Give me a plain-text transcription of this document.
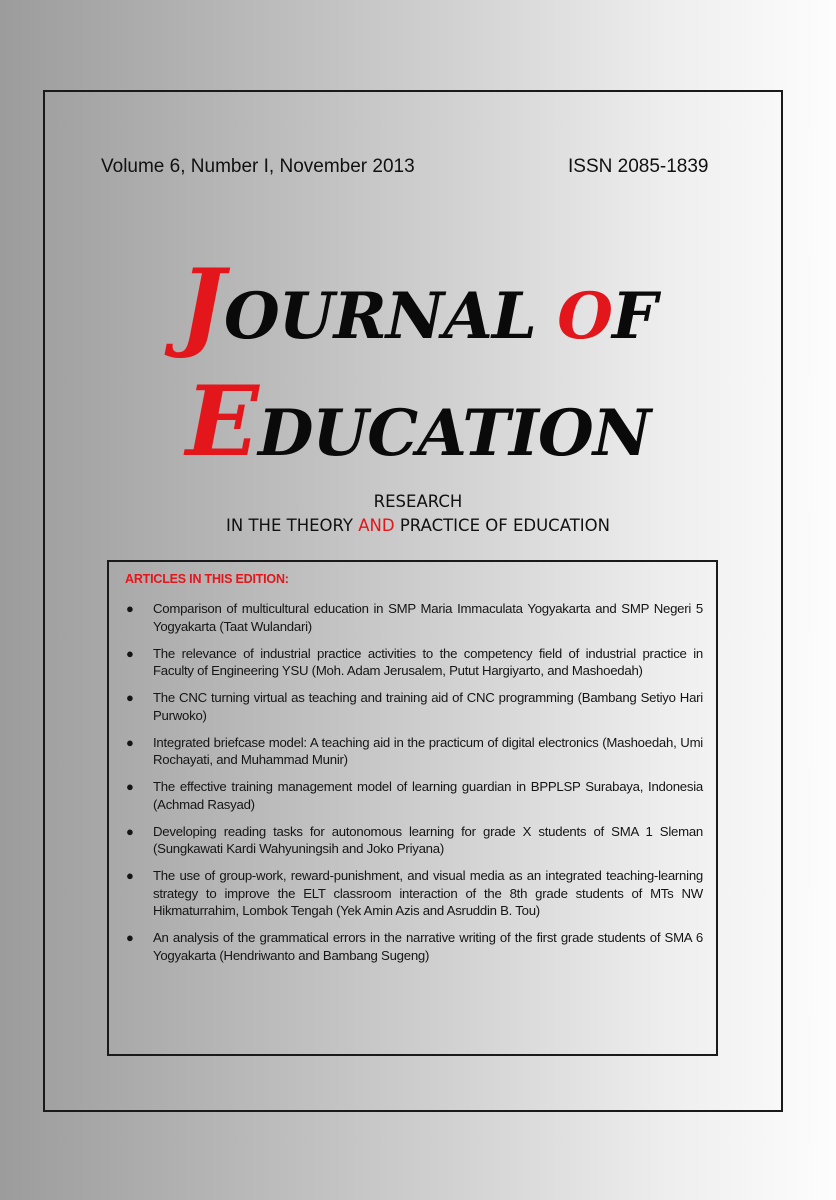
Volume 6, Number I, November 2013	ISSN 2085-1839
JOURNAL OF
EDUCATION
RESEARCH
IN THE THEORY AND PRACTICE OF EDUCATION
ARTICLES IN THIS EDITION:
● Comparison of multicultural education in SMP Maria Immaculata Yogyakarta and SMP Negeri 5 Yogyakarta (Taat Wulandari)
● The relevance of industrial practice activities to the competency field of industrial practice in Faculty of Engineering YSU (Moh. Adam Jerusalem, Putut Hargiyarto, and Mashoedah)
● The CNC turning virtual as teaching and training aid of CNC programming (Bambang Setiyo Hari Purwoko)
● Integrated briefcase model: A teaching aid in the practicum of digital electronics (Mashoedah, Umi Rochayati, and Muhammad Munir)
● The effective training management model of learning guardian in BPPLSP Surabaya, Indonesia (Achmad Rasyad)
● Developing reading tasks for autonomous learning for grade X students of SMA 1 Sleman (Sungkawati Kardi Wahyuningsih and Joko Priyana)
● The use of group-work, reward-punishment, and visual media as an integrated teaching-learning strategy to improve the ELT classroom interaction of the 8th grade students of MTs NW Hikmaturrahim, Lombok Tengah (Yek Amin Azis and Asruddin B. Tou)
● An analysis of the grammatical errors in the narrative writing of the first grade students of SMA 6 Yogyakarta (Hendriwanto and Bambang Sugeng)
